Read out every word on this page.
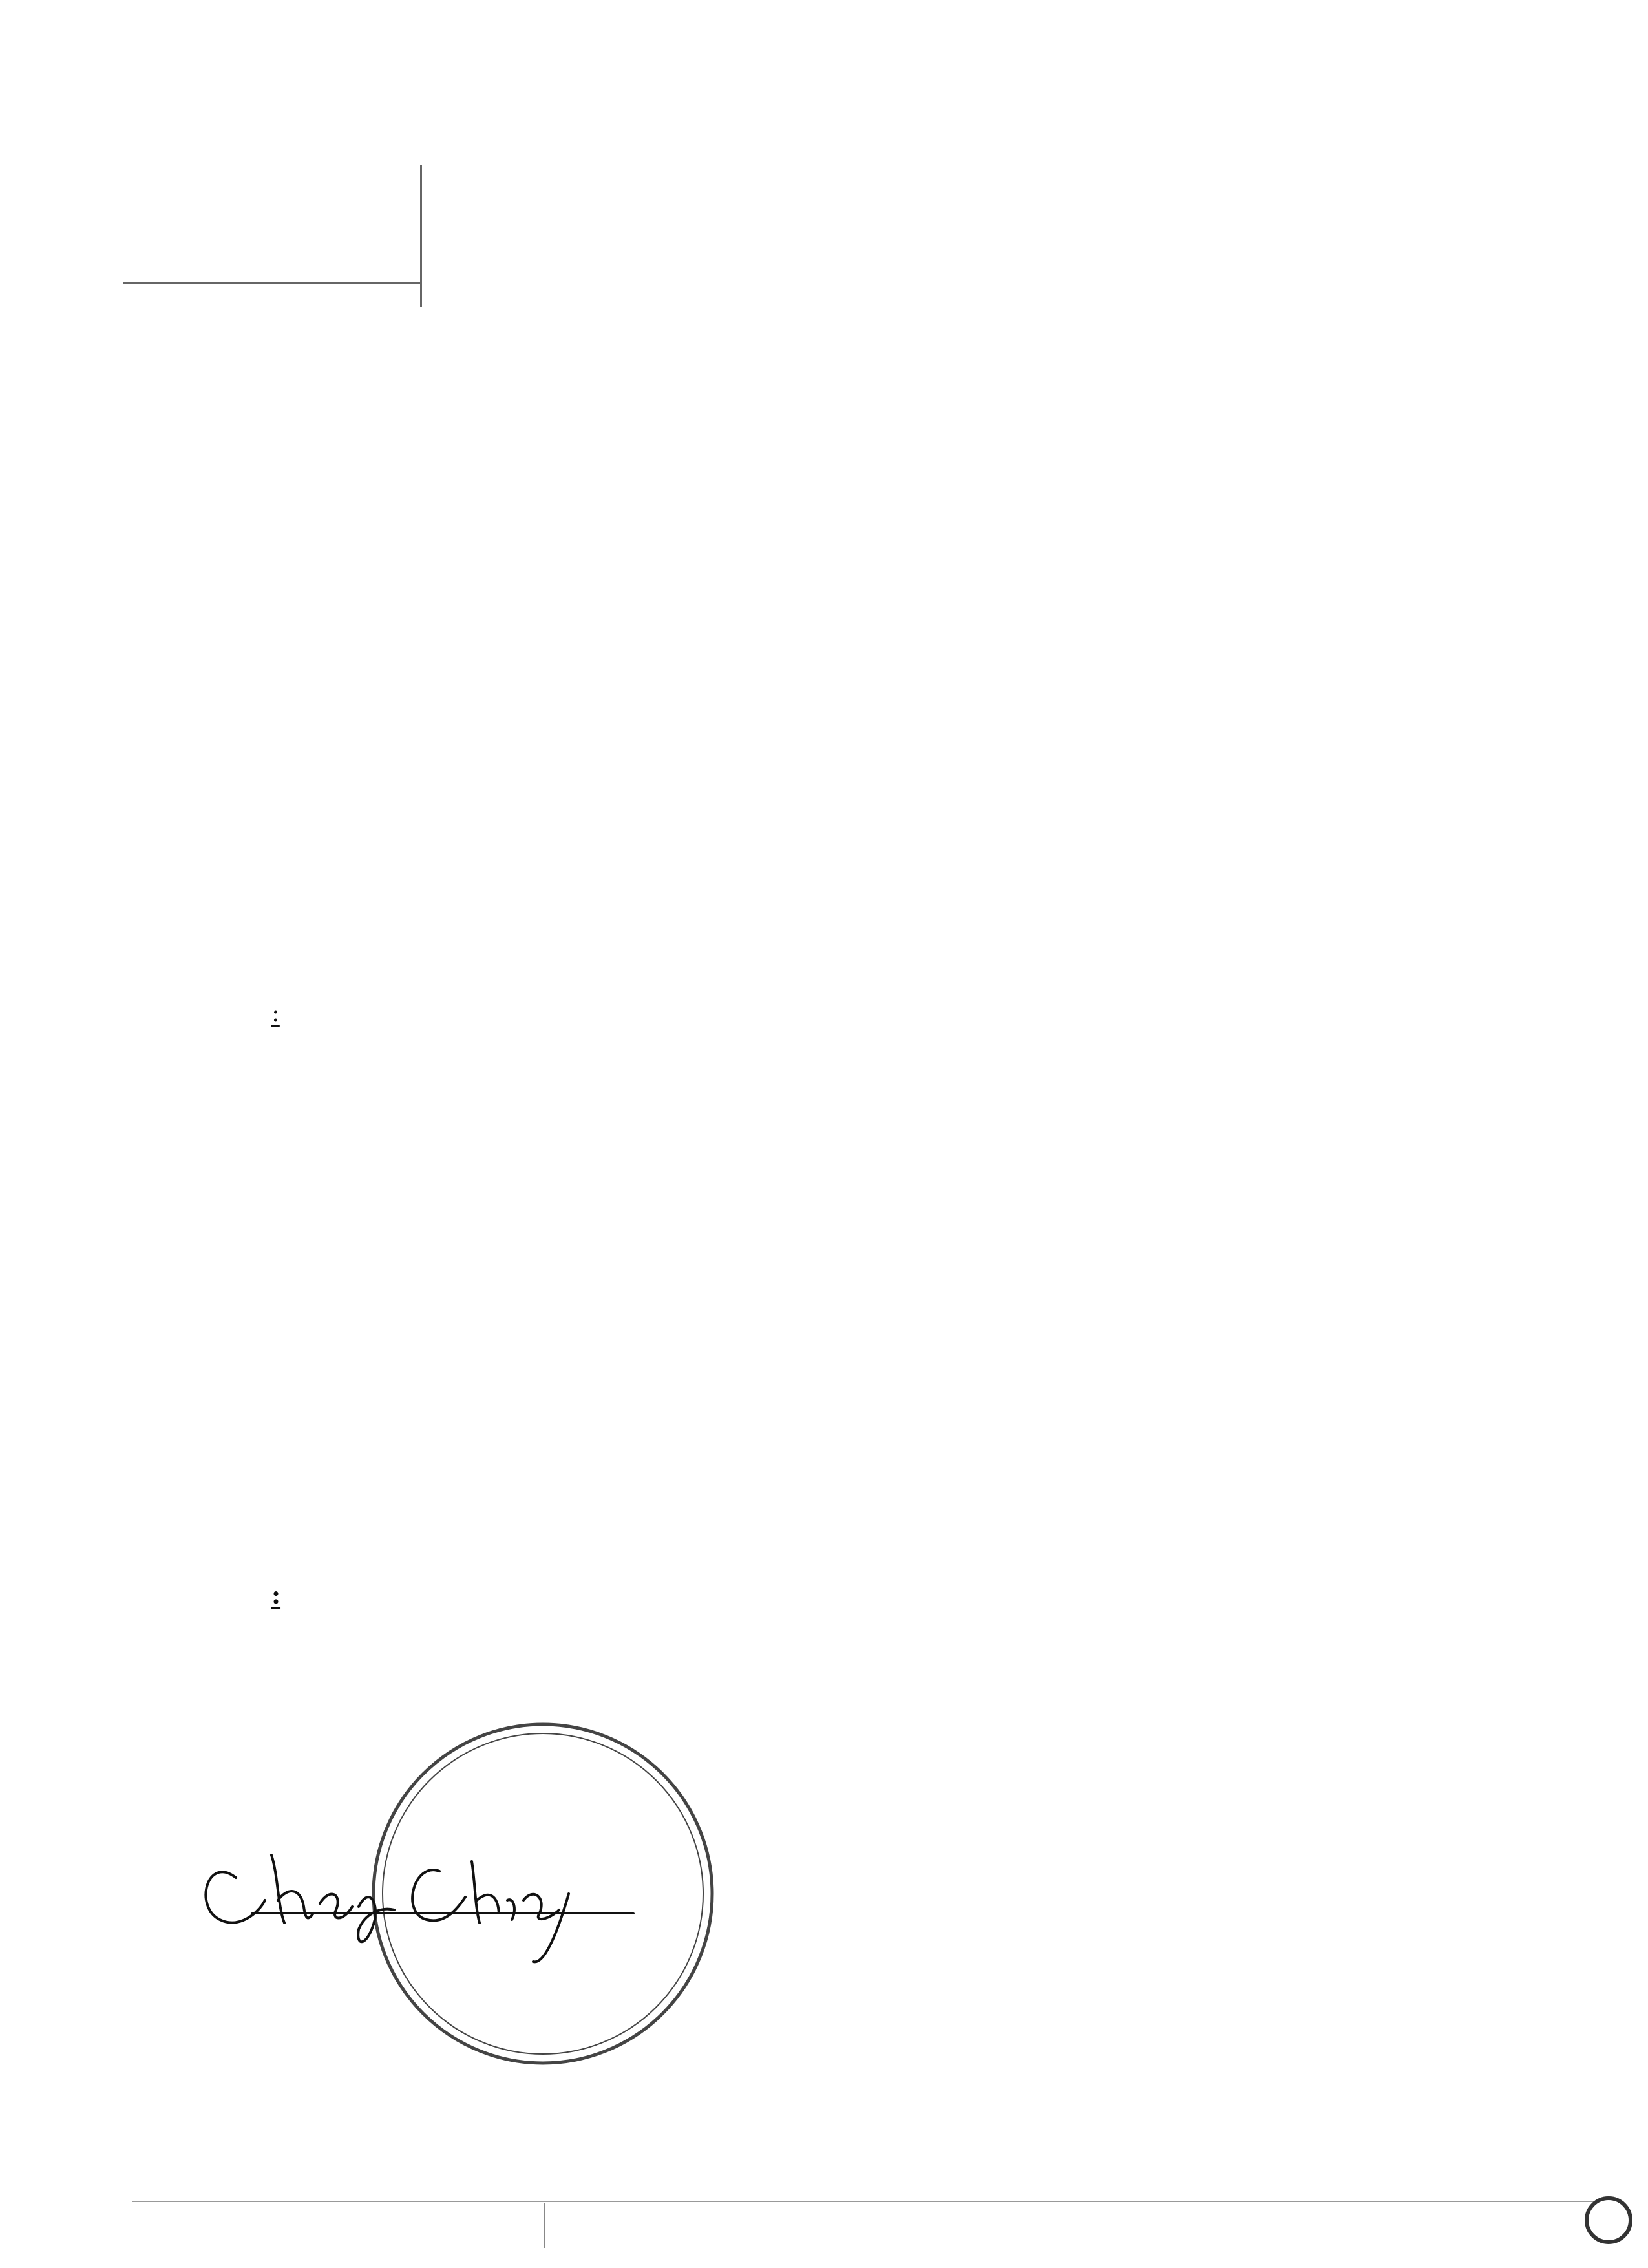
:
:
